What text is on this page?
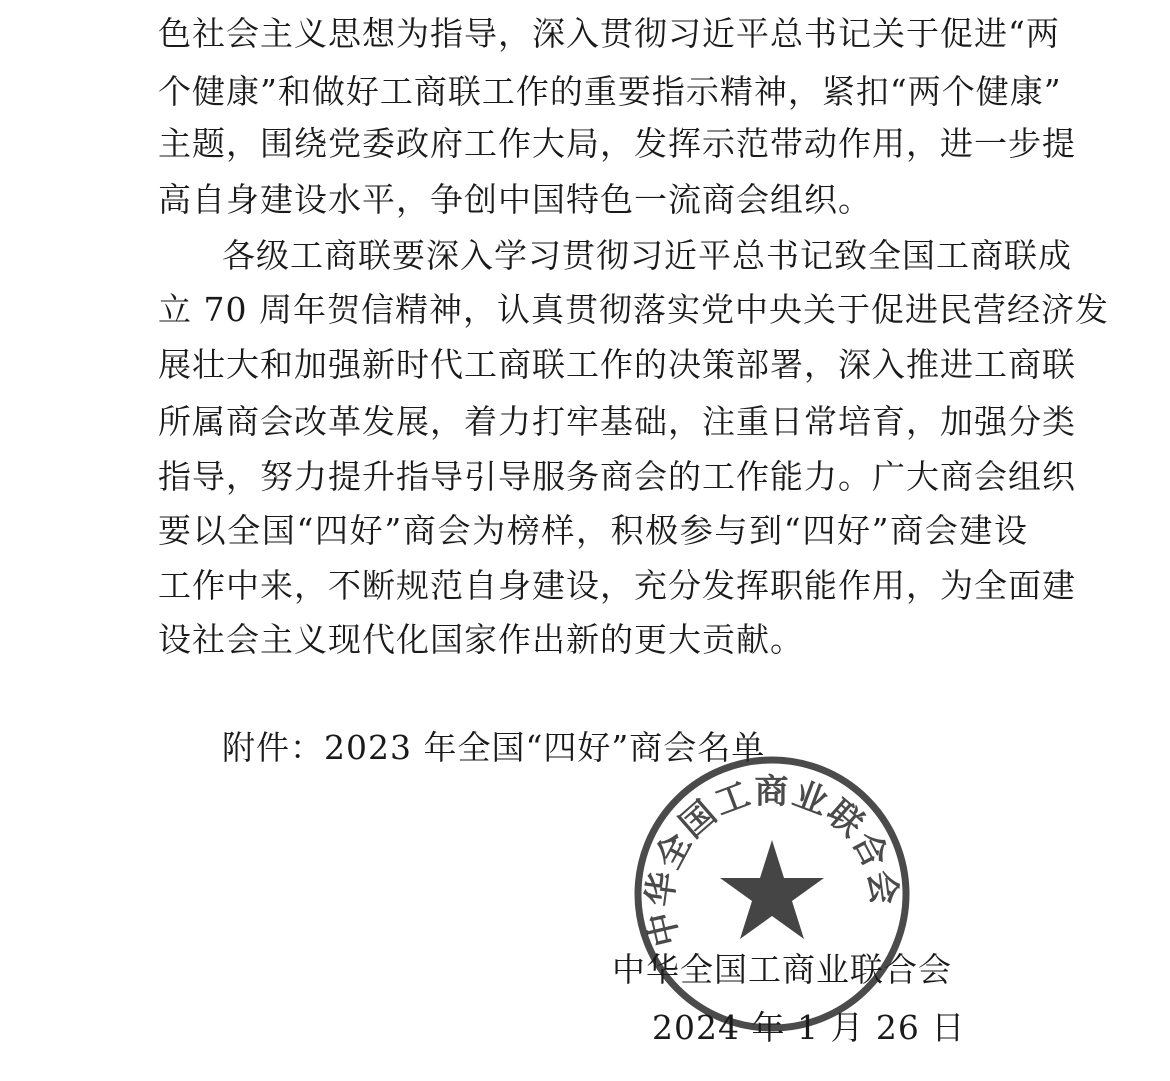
色社会主义思想为指导，深入贯彻习近平总书记关于促进“两
个健康”和做好工商联工作的重要指示精神，紧扣“两个健康”
主题，围绕党委政府工作大局，发挥示范带动作用，进一步提
高自身建设水平，争创中国特色一流商会组织。
各级工商联要深入学习贯彻习近平总书记致全国工商联成
立 70 周年贺信精神，认真贯彻落实党中央关于促进民营经济发
展壮大和加强新时代工商联工作的决策部署，深入推进工商联
所属商会改革发展，着力打牢基础，注重日常培育，加强分类
指导，努力提升指导引导服务商会的工作能力。广大商会组织
要以全国“四好”商会为榜样，积极参与到“四好”商会建设
工作中来，不断规范自身建设，充分发挥职能作用，为全面建
设社会主义现代化国家作出新的更大贡献。
附件：2023 年全国“四好”商会名单
中华全国工商业联合会
中华全国工商业联合会
2024 年 1 月 26 日
